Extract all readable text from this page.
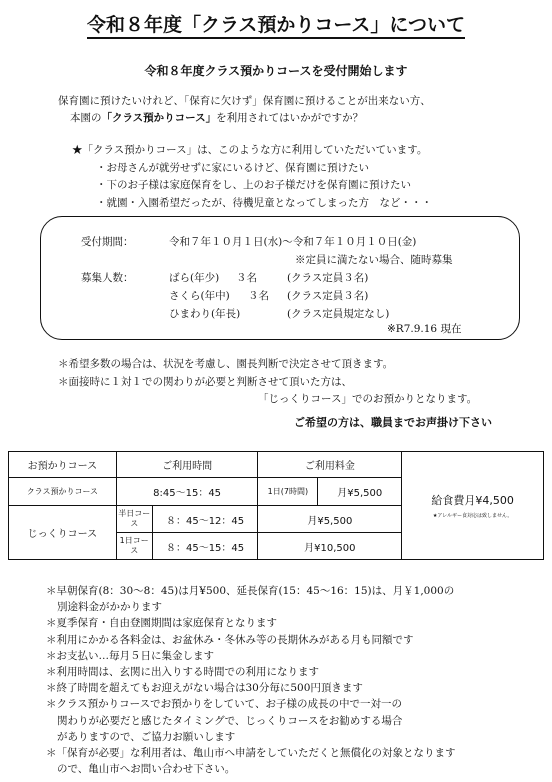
令和８年度「クラス預かりコース」について
令和８年度クラス預かりコースを受付開始します
保育園に預けたいけれど、「保育に欠けず」保育園に預けることが出来ない方、
本園の「クラス預かりコース」を利用されてはいかがですか？
★「クラス預かりコース」は、このような方に利用していただいています。
・お母さんが就労せずに家にいるけど、保育園に預けたい
・下のお子様は家庭保育をし、上のお子様だけを保育園に預けたい
・就園・入園希望だったが、待機児童となってしまった方　など・・・
受付期間：	令和７年１０月１日(水)～令和７年１０月１０日(金)
※定員に満たない場合、随時募集
募集人数：	ばら(年少) ３名	(クラス定員３名)
さくら(年中) ３名 (クラス定員３名)
ひまわり(年長)	(クラス定員規定なし)
※R7.9.16 現在
＊希望多数の場合は、状況を考慮し、園長判断で決定させて頂きます。
＊面接時に１対１での関わりが必要と判断させて頂いた方は、
「じっくりコース」でのお預かりとなります。
ご希望の方は、職員までお声掛け下さい
お預かりコース	ご利用時間		ご利用料金		給食費月¥4,500
★アレルギー食対応は致しません。

クラス預かりコース	8:45～15：45		1日(7時間)	月¥5,500	
じっくりコース	半日コース	８：45～12：45	月¥5,500		
	1日コース	８：45～15：45	月¥10,500		
＊早朝保育(8：30～8：45)は月¥500、延長保育(15：45～16：15)は、月￥1,000の
別途料金がかかります
＊夏季保育・自由登園期間は家庭保育となります
＊利用にかかる各料金は、お盆休み・冬休み等の長期休みがある月も同額です
＊お支払い…毎月５日に集金します
＊利用時間は、玄関に出入りする時間での利用になります
＊終了時間を超えてもお迎えがない場合は30分毎に500円頂きます
＊クラス預かりコースでお預かりをしていて、お子様の成長の中で一対一の
関わりが必要だと感じたタイミングで、じっくりコースをお勧めする場合
がありますので、ご協力お願いします
＊「保育が必要」な利用者は、亀山市へ申請をしていただくと無償化の対象となります
ので、亀山市へお問い合わせ下さい。
